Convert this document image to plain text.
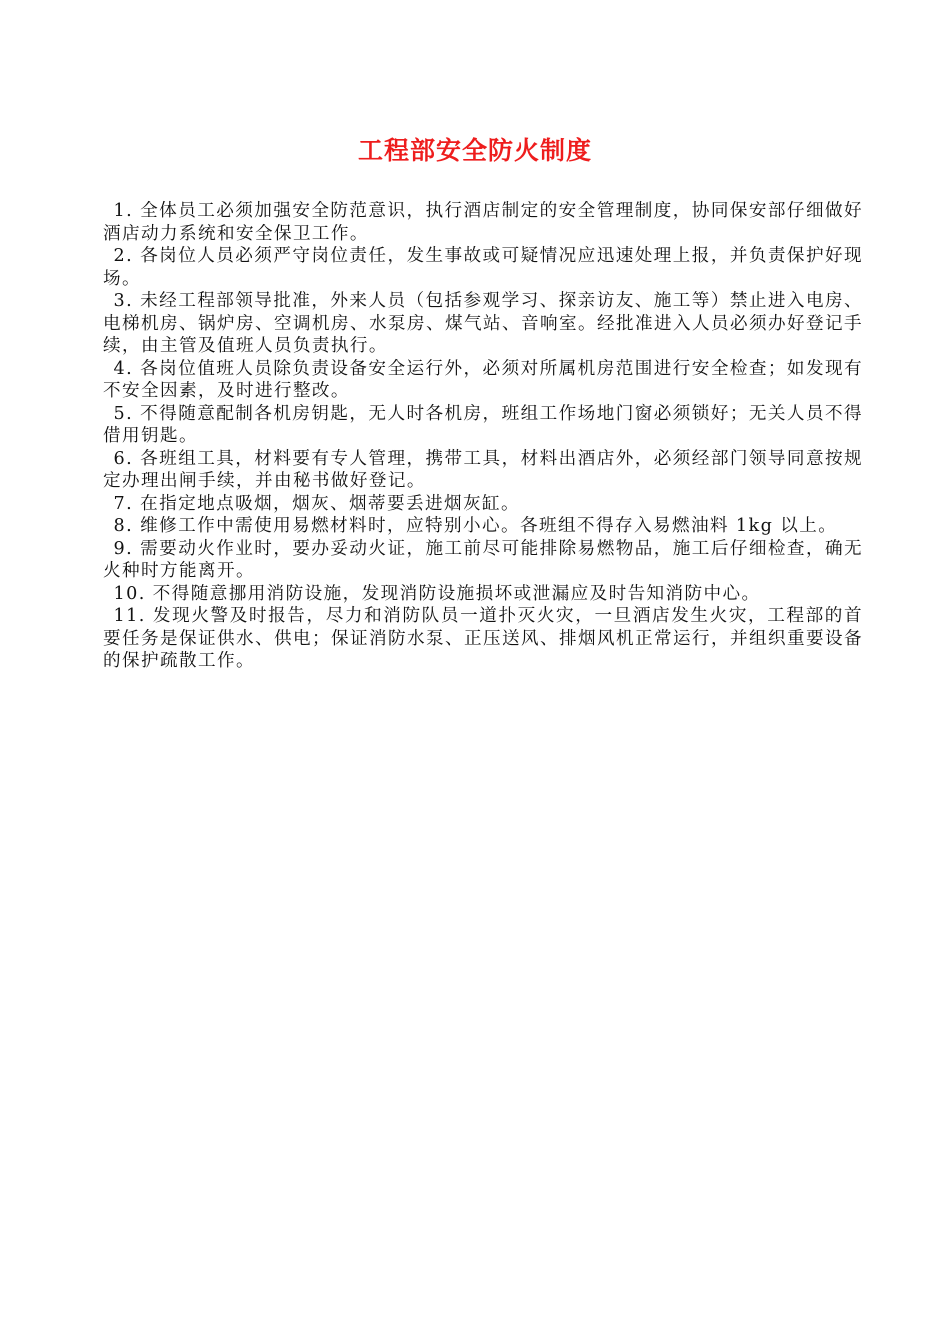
工程部安全防火制度

1. 全体员工必须加强安全防范意识，执行酒店制定的安全管理制度，协同保安部仔细做好酒店动力系统和安全保卫工作。

2. 各岗位人员必须严守岗位责任，发生事故或可疑情况应迅速处理上报，并负责保护好现场。

3. 未经工程部领导批准，外来人员（包括参观学习、探亲访友、施工等）禁止进入电房、电梯机房、锅炉房、空调机房、水泵房、煤气站、音响室。经批准进入人员必须办好登记手续，由主管及值班人员负责执行。

4. 各岗位值班人员除负责设备安全运行外，必须对所属机房范围进行安全检查；如发现有不安全因素，及时进行整改。

5. 不得随意配制各机房钥匙，无人时各机房，班组工作场地门窗必须锁好；无关人员不得借用钥匙。

6. 各班组工具，材料要有专人管理，携带工具，材料出酒店外，必须经部门领导同意按规定办理出闸手续，并由秘书做好登记。

7. 在指定地点吸烟，烟灰、烟蒂要丢进烟灰缸。

8. 维修工作中需使用易燃材料时，应特别小心。各班组不得存入易燃油料 1kg 以上。

9. 需要动火作业时，要办妥动火证，施工前尽可能排除易燃物品，施工后仔细检查，确无火种时方能离开。

10. 不得随意挪用消防设施，发现消防设施损坏或泄漏应及时告知消防中心。

11. 发现火警及时报告，尽力和消防队员一道扑灭火灾，一旦酒店发生火灾，工程部的首要任务是保证供水、供电；保证消防水泵、正压送风、排烟风机正常运行，并组织重要设备的保护疏散工作。
